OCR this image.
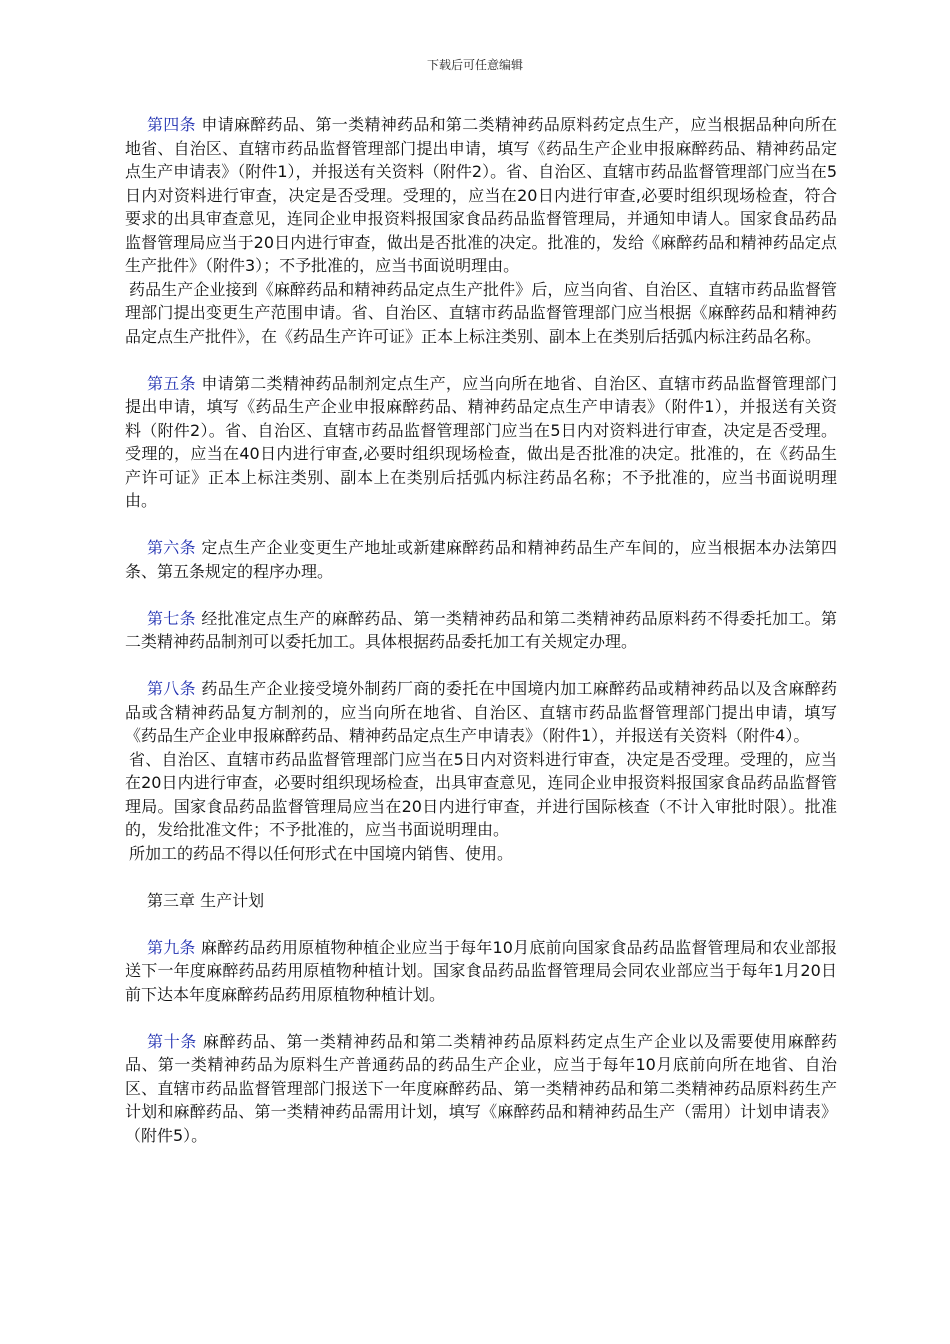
下载后可任意编辑

第四条 申请麻醉药品、第一类精神药品和第二类精神药品原料药定点生产，应当根据品种向所在地省、自治区、直辖市药品监督管理部门提出申请，填写《药品生产企业申报麻醉药品、精神药品定点生产申请表》（附件1），并报送有关资料（附件2）。省、自治区、直辖市药品监督管理部门应当在5日内对资料进行审查，决定是否受理。受理的，应当在20日内进行审查,必要时组织现场检查，符合要求的出具审查意见，连同企业申报资料报国家食品药品监督管理局，并通知申请人。国家食品药品监督管理局应当于20日内进行审查，做出是否批准的决定。批准的，发给《麻醉药品和精神药品定点生产批件》（附件3）；不予批准的，应当书面说明理由。

药品生产企业接到《麻醉药品和精神药品定点生产批件》后，应当向省、自治区、直辖市药品监督管理部门提出变更生产范围申请。省、自治区、直辖市药品监督管理部门应当根据《麻醉药品和精神药品定点生产批件》，在《药品生产许可证》正本上标注类别、副本上在类别后括弧内标注药品名称。

第五条 申请第二类精神药品制剂定点生产，应当向所在地省、自治区、直辖市药品监督管理部门提出申请，填写《药品生产企业申报麻醉药品、精神药品定点生产申请表》（附件1），并报送有关资料（附件2）。省、自治区、直辖市药品监督管理部门应当在5日内对资料进行审查，决定是否受理。受理的，应当在40日内进行审查,必要时组织现场检查，做出是否批准的决定。批准的，在《药品生产许可证》正本上标注类别、副本上在类别后括弧内标注药品名称；不予批准的，应当书面说明理由。

第六条 定点生产企业变更生产地址或新建麻醉药品和精神药品生产车间的，应当根据本办法第四条、第五条规定的程序办理。

第七条 经批准定点生产的麻醉药品、第一类精神药品和第二类精神药品原料药不得委托加工。第二类精神药品制剂可以委托加工。具体根据药品委托加工有关规定办理。

第八条 药品生产企业接受境外制药厂商的委托在中国境内加工麻醉药品或精神药品以及含麻醉药品或含精神药品复方制剂的，应当向所在地省、自治区、直辖市药品监督管理部门提出申请，填写《药品生产企业申报麻醉药品、精神药品定点生产申请表》（附件1），并报送有关资料（附件4）。

省、自治区、直辖市药品监督管理部门应当在5日内对资料进行审查，决定是否受理。受理的，应当在20日内进行审查，必要时组织现场检查，出具审查意见，连同企业申报资料报国家食品药品监督管理局。国家食品药品监督管理局应当在20日内进行审查，并进行国际核查（不计入审批时限）。批准的，发给批准文件；不予批准的，应当书面说明理由。

所加工的药品不得以任何形式在中国境内销售、使用。

第三章 生产计划

第九条 麻醉药品药用原植物种植企业应当于每年10月底前向国家食品药品监督管理局和农业部报送下一年度麻醉药品药用原植物种植计划。国家食品药品监督管理局会同农业部应当于每年1月20日前下达本年度麻醉药品药用原植物种植计划。

第十条 麻醉药品、第一类精神药品和第二类精神药品原料药定点生产企业以及需要使用麻醉药品、第一类精神药品为原料生产普通药品的药品生产企业，应当于每年10月底前向所在地省、自治区、直辖市药品监督管理部门报送下一年度麻醉药品、第一类精神药品和第二类精神药品原料药生产计划和麻醉药品、第一类精神药品需用计划，填写《麻醉药品和精神药品生产（需用）计划申请表》（附件5）。
